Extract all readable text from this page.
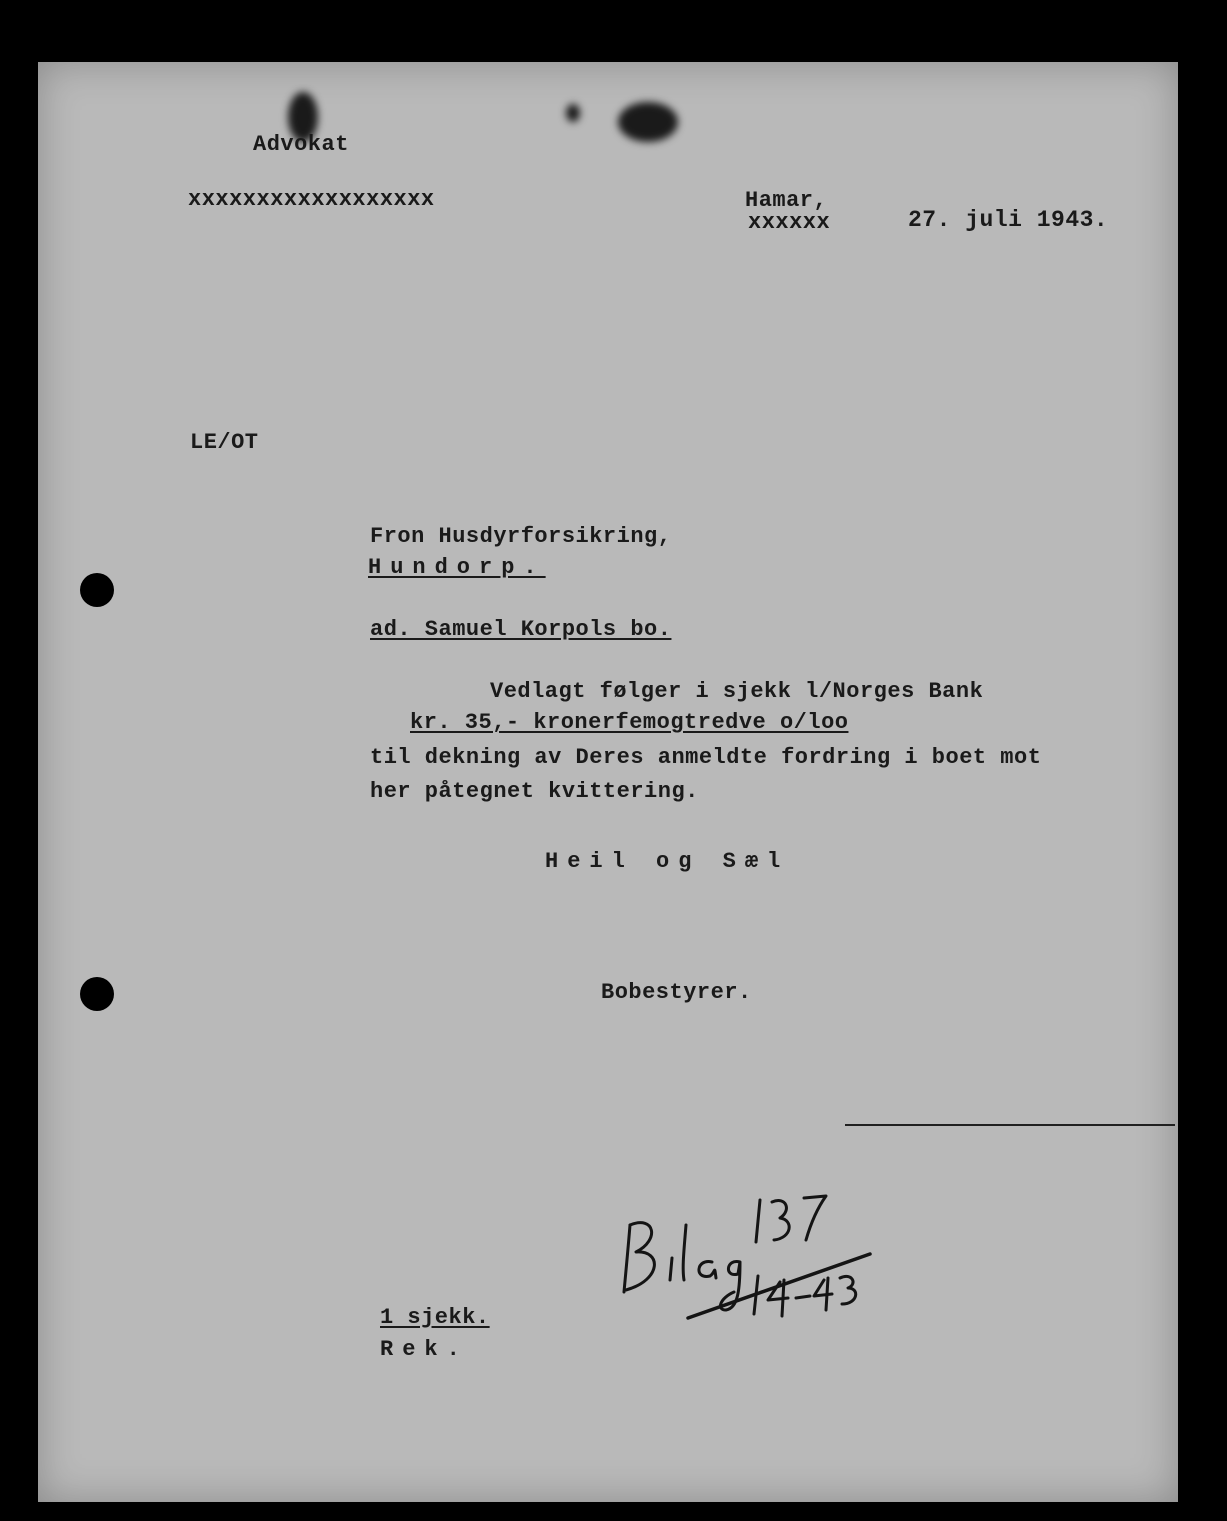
Advokat
xxxxxxxxxxxxxxxxxx	Hamar,
xxxxxx	27. juli 1943.
LE/OT
Fron Husdyrforsikring,
Hundorp.
ad. Samuel Korpols bo.
Vedlagt følger i sjekk l/Norges Bank
kr. 35,- kronerfemogtredve o/loo
til dekning av Deres anmeldte fordring i boet mot
her påtegnet kvittering.
Heil og Sæl
Bobestyrer.
1 sjekk.
Rek.
